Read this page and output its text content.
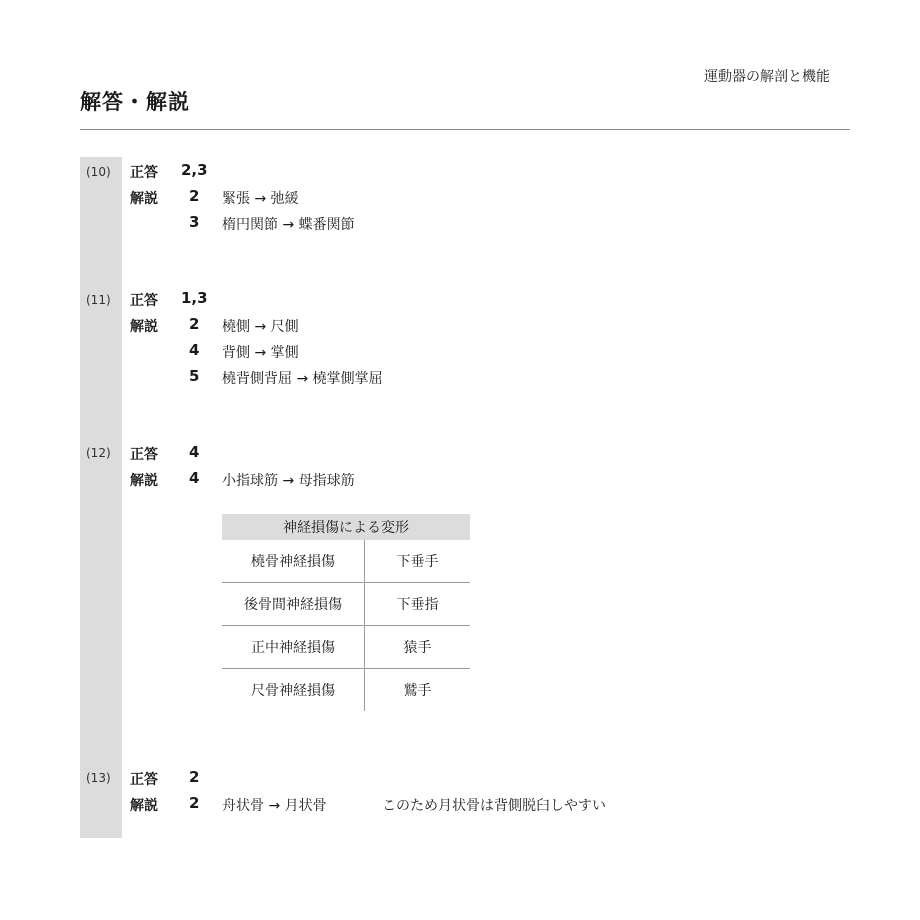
運動器の解剖と機能
解答・解説
(10) 正答 2,3
解説 2 緊張 → 弛緩
3 楕円関節 → 蝶番関節
(11) 正答 1,3
解説 2 橈側 → 尺側
4 背側 → 掌側
5 橈背側背屈 → 橈掌側掌屈
(12) 正答 4
解説 4 小指球筋 → 母指球筋
神経損傷による変形	
橈骨神経損傷	下垂手
後骨間神経損傷	下垂指
正中神経損傷	猿手
尺骨神経損傷	鷲手
(13) 正答 2
解説 2 舟状骨 → 月状骨	このため月状骨は背側脱臼しやすい
